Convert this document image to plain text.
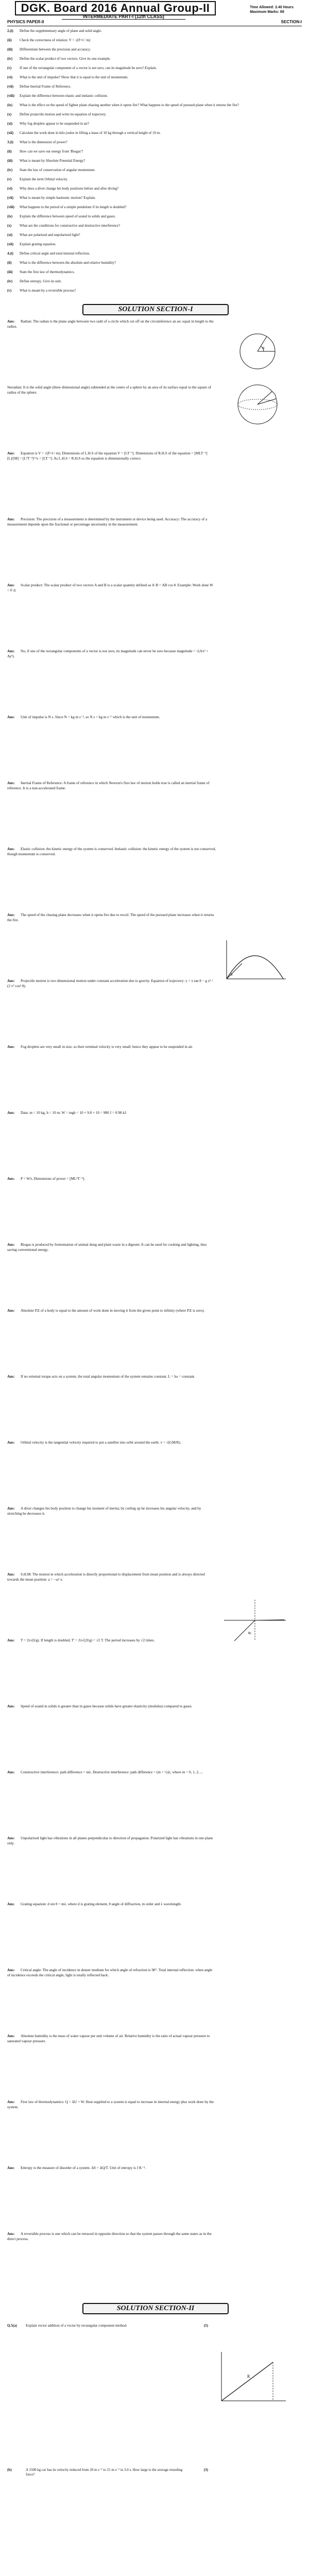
DGK. Board 2016 Annual Group-II	Time Allowed: 2.40 Hours
Maximum Marks: 68
INTERMEDIATE PART-I (11th CLASS)
PHYSICS PAPER-II	SECTION-I
2.(i) Define the supplementary angle of plane and solid angle.
(ii) Check the correctness of relation: V = √(F×l / m)
(iii) Differentiate between the precision and accuracy.
(iv) Define the scalar product of two vectors. Give its one example.
(v) If one of the rectangular component of a vector is not zero, can its magnitude be zero? Explain.
(vi) What is the unit of impulse? Show that it is equal to the unit of momentum.
(vii) Define Inertial Frame of Reference.
(viii) Explain the difference between elastic and inelastic collision.
(ix) What is the effect on the speed of fighter plane chasing another when it opens fire? What happens to the speed of pursued plane when it returns the fire?
(x) Define projectile motion and write its equation of trajectory.
(xi) Why fog droplets appear to be suspended in air?
(xii) Calculate the work done in kilo joules in lifting a mass of 10 kg through a vertical height of 10 m.
3.(i) What is the dimension of power?
(ii) How can we save our energy from 'Biogas'?
(iii) What is meant by Absolute Potential Energy?
(iv) State the law of conservation of angular momentum.
(v) Explain the term Orbital velocity.
(vi) Why does a diver change his body positions before and after diving?
(vii) What is meant by simple harmonic motion? Explain.
(viii) What happens to the period of a simple pendulum if its length is doubled?
(ix) Explain the difference between speed of sound in solids and gases.
(x) What are the conditions for constructive and destructive interference?
(xi) What are polarized and unpolarized light?
(xii) Explain grating equation.
4.(i) Define critical angle and total internal reflection.
(ii) What is the difference between the absolute and relative humidity?
(iii) State the first law of thermodynamics.
(iv) Define entropy. Give its unit.
(v) What is meant by a reversible process?
SOLUTION SECTION-I
Ans: Radian: The radian is the plane angle between two radii of a circle which cut off on the circumference an arc equal in length to the radius.
Steradian: It is the solid angle (three dimensional angle) subtended at the centre of a sphere by an area of its surface equal to the square of radius of the sphere.
Ans: Equation is V = √(F×l / m). Dimensions of L.H.S of the equation V = [LT⁻¹]. Dimensions of R.H.S of the equation = [MLT⁻²][L]/[M] = [L²T⁻²]^½ = [LT⁻¹]. As L.H.S = R.H.S so the equation is dimensionally correct.
Ans: Precision: The precision of a measurement is determined by the instrument or device being used. Accuracy: The accuracy of a measurement depends upon the fractional or percentage uncertainty in the measurement.
Ans: Scalar product: The scalar product of two vectors A and B is a scalar quantity defined as A·B = AB cos θ. Example: Work done W = F·d.
Ans: No, if one of the rectangular components of a vector is not zero, its magnitude can never be zero because magnitude = √(Ax² + Ay²).
Ans: Unit of impulse is N s. Since N = kg m s⁻², so N s = kg m s⁻¹ which is the unit of momentum.
Ans: Inertial Frame of Reference: A frame of reference in which Newton's first law of motion holds true is called an inertial frame of reference. It is a non-accelerated frame.
Ans: Elastic collision: the kinetic energy of the system is conserved. Inelastic collision: the kinetic energy of the system is not conserved, though momentum is conserved.
Ans: The speed of the chasing plane decreases when it opens fire due to recoil. The speed of the pursued plane increases when it returns the fire.
Ans: Projectile motion is two dimensional motion under constant acceleration due to gravity. Equation of trajectory: y = x tan θ − g x² / (2 v² cos² θ).
Ans: Fog droplets are very small in size, so their terminal velocity is very small; hence they appear to be suspended in air.
Ans: Data: m = 10 kg, h = 10 m. W = mgh = 10 × 9.8 × 10 = 980 J = 0.98 kJ.
Ans: P = W/t, Dimensions of power = [ML²T⁻³].
Ans: Biogas is produced by fermentation of animal dung and plant waste in a digester. It can be used for cooking and lighting, thus saving conventional energy.
Ans: Absolute P.E of a body is equal to the amount of work done in moving it from the given point to infinity (where P.E is zero).
Ans: If no external torque acts on a system, the total angular momentum of the system remains constant. L = Iω = constant.
Ans: Orbital velocity is the tangential velocity required to put a satellite into orbit around the earth: v = √(GM/R).
Ans: A diver changes his body position to change his moment of inertia; by curling up he increases his angular velocity, and by stretching he decreases it.
Ans: S.H.M: The motion in which acceleration is directly proportional to displacement from mean position and is always directed towards the mean position: a = −ω² x.
Ans: T = 2π√(l/g). If length is doubled, T' = 2π√(2l/g) = √2 T. The period increases by √2 times.
Ans: Speed of sound in solids is greater than in gases because solids have greater elasticity (modulus) compared to gases.
Ans: Constructive interference: path difference = mλ. Destructive interference: path difference = (m + ½)λ, where m = 0, 1, 2, ...
Ans: Unpolarized light has vibrations in all planes perpendicular to direction of propagation. Polarized light has vibrations in one plane only.
Ans: Grating equation: d sin θ = mλ, where d is grating element, θ angle of diffraction, m order and λ wavelength.
Ans: Critical angle: The angle of incidence in denser medium for which angle of refraction is 90°. Total internal reflection: when angle of incidence exceeds the critical angle, light is totally reflected back.
Ans: Absolute humidity is the mass of water vapour per unit volume of air. Relative humidity is the ratio of actual vapour pressure to saturated vapour pressure.
Ans: First law of thermodynamics: Q = ΔU + W. Heat supplied to a system is equal to increase in internal energy plus work done by the system.
Ans: Entropy is the measure of disorder of a system. ΔS = ΔQ/T. Unit of entropy is J K⁻¹.
Ans: A reversible process is one which can be retraced in opposite direction so that the system passes through the same states as in the direct process.
θ
θ
θc
SOLUTION SECTION-II
Q.5(a) Explain vector addition of a vector by rectangular component method.	(5)
(b)	A 1500 kg car has its velocity reduced from 20 m s⁻¹ to 15 m s⁻¹ in 3.0 s. How large is the average retarding force?
(3)
R
